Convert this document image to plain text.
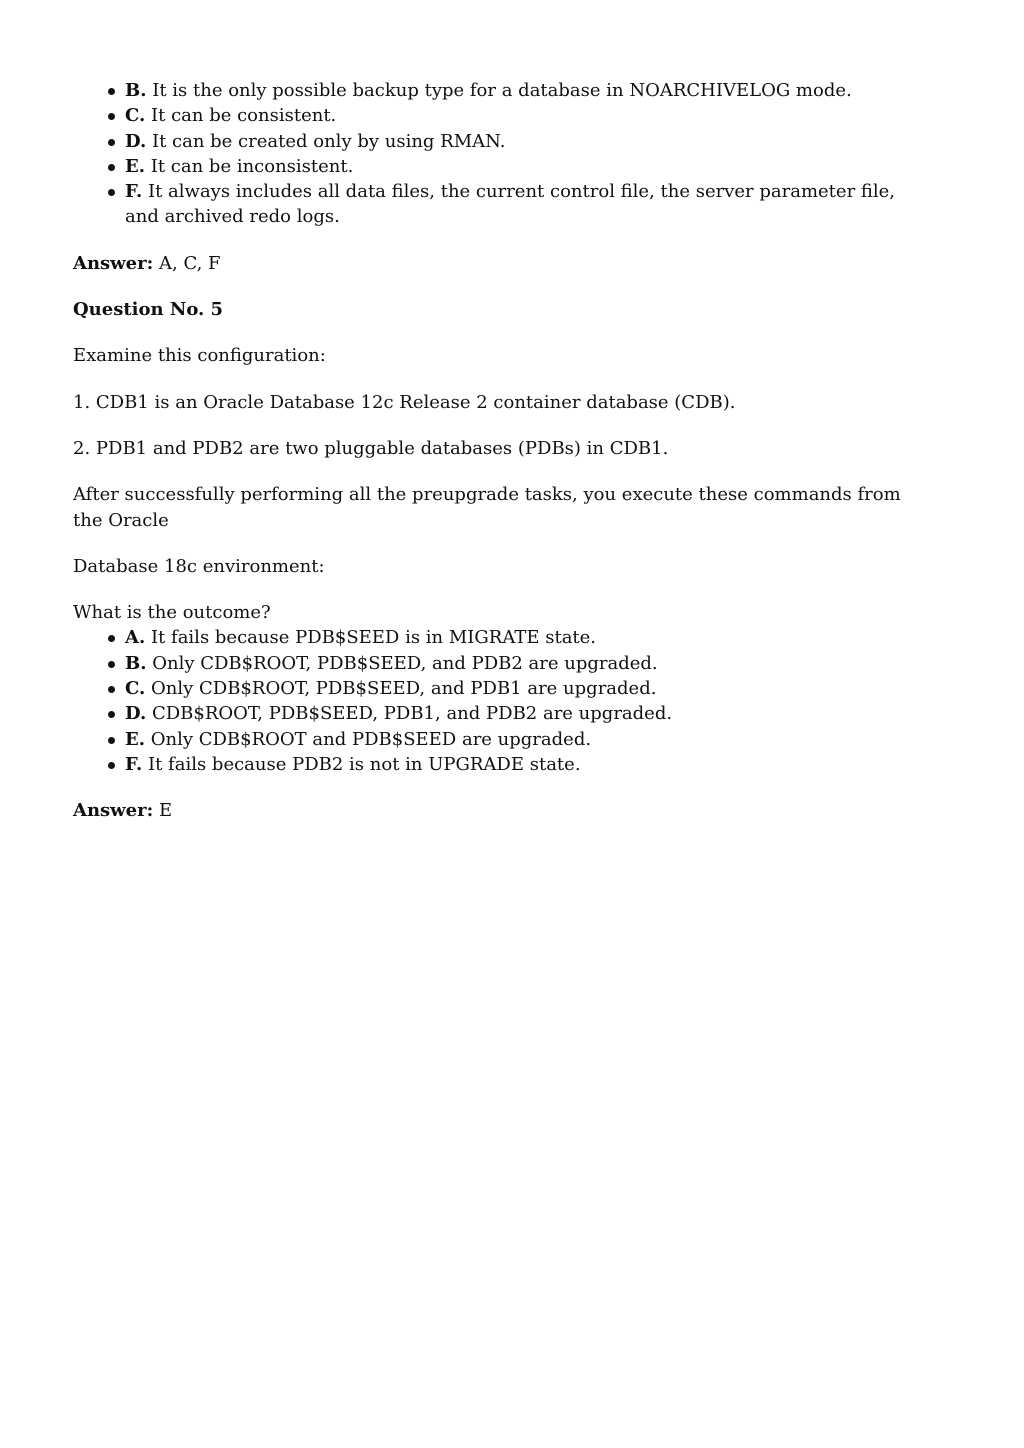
B. It is the only possible backup type for a database in NOARCHIVELOG mode.
C. It can be consistent.
D. It can be created only by using RMAN.
E. It can be inconsistent.
F. It always includes all data files, the current control file, the server parameter file, and archived redo logs.

Answer: A, C, F

Question No. 5

Examine this configuration:

1. CDB1 is an Oracle Database 12c Release 2 container database (CDB).

2. PDB1 and PDB2 are two pluggable databases (PDBs) in CDB1.

After successfully performing all the preupgrade tasks, you execute these commands from the Oracle

Database 18c environment:

What is the outcome?

A. It fails because PDB$SEED is in MIGRATE state.
B. Only CDB$ROOT, PDB$SEED, and PDB2 are upgraded.
C. Only CDB$ROOT, PDB$SEED, and PDB1 are upgraded.
D. CDB$ROOT, PDB$SEED, PDB1, and PDB2 are upgraded.
E. Only CDB$ROOT and PDB$SEED are upgraded.
F. It fails because PDB2 is not in UPGRADE state.

Answer: E
